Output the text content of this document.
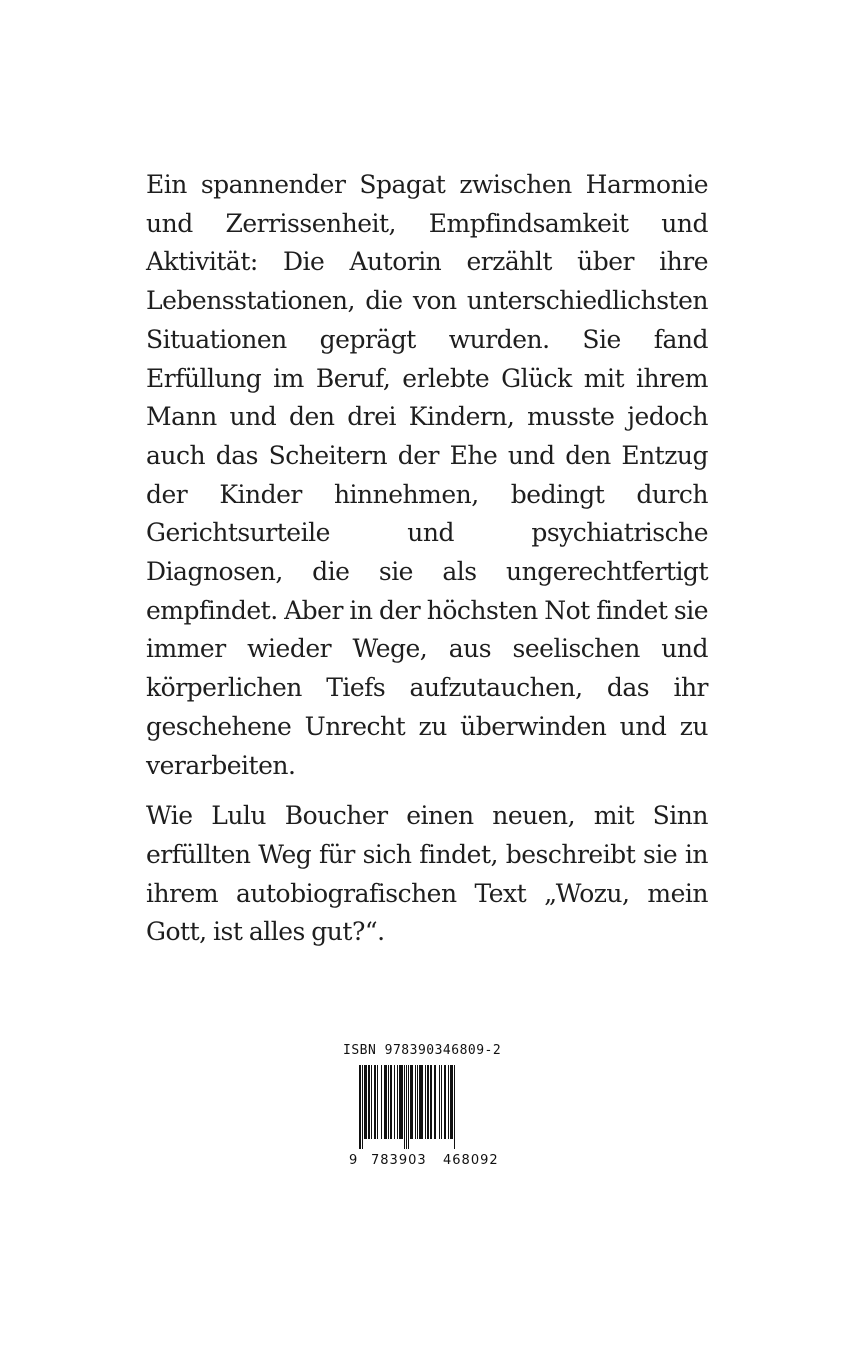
Ein spannender Spagat zwischen Harmonie und Zerrissenheit, Empfindsamkeit und Aktivität: Die Autorin erzählt über ihre Lebensstationen, die von unterschiedlichsten Situationen geprägt wurden. Sie fand Erfüllung im Beruf, erlebte Glück mit ihrem Mann und den drei Kindern, musste jedoch auch das Scheitern der Ehe und den Entzug der Kinder hinnehmen, bedingt durch Gerichtsurteile und psychiatrische Diagnosen, die sie als ungerechtfertigt empfindet. Aber in der höchsten Not findet sie immer wieder Wege, aus seelischen und körperlichen Tiefs aufzutauchen, das ihr geschehene Unrecht zu überwinden und zu verarbeiten.

Wie Lulu Boucher einen neuen, mit Sinn erfüllten Weg für sich findet, beschreibt sie in ihrem autobiografischen Text „Wozu, mein Gott, ist alles gut?“.

ISBN 978390346809-2
9 783903 468092
